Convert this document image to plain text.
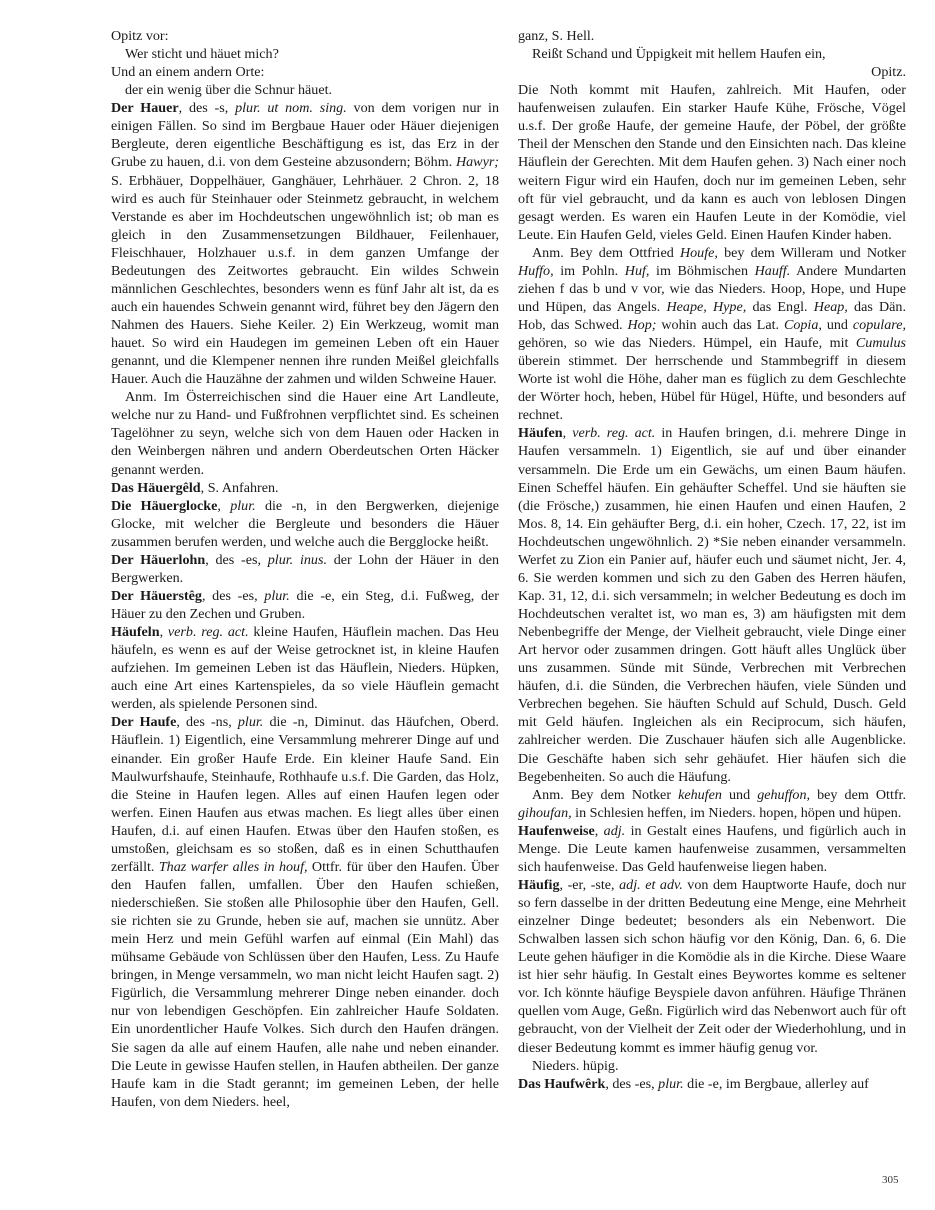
Opitz vor:

Wer sticht und häuet mich?

Und an einem andern Orte:

der ein wenig über die Schnur häuet.

Der Hauer, des -s, plur. ut nom. sing. von dem vorigen nur in einigen Fällen. So sind im Bergbaue Hauer oder Häuer diejenigen Bergleute, deren eigentliche Beschäftigung es ist, das Erz in der Grube zu hauen, d.i. von dem Gesteine abzusondern; Böhm. Hawyr; S. Erbhäuer, Doppelhäuer, Ganghäuer, Lehrhäuer. 2 Chron. 2, 18 wird es auch für Steinhauer oder Steinmetz gebraucht, in welchem Verstande es aber im Hochdeutschen ungewöhnlich ist; ob man es gleich in den Zusammensetzungen Bildhauer, Feilenhauer, Fleischhauer, Holzhauer u.s.f. in dem ganzen Umfange der Bedeutungen des Zeitwortes gebraucht. Ein wildes Schwein männlichen Geschlechtes, besonders wenn es fünf Jahr alt ist, da es auch ein hauendes Schwein genannt wird, führet bey den Jägern den Nahmen des Hauers. Siehe Keiler. 2) Ein Werkzeug, womit man hauet. So wird ein Haudegen im gemeinen Leben oft ein Hauer genannt, und die Klempener nennen ihre runden Meißel gleichfalls Hauer. Auch die Hauzähne der zahmen und wilden Schweine Hauer.

Anm. Im Österreichischen sind die Hauer eine Art Landleute, welche nur zu Hand- und Fußfrohnen verpflichtet sind. Es scheinen Tagelöhner zu seyn, welche sich von dem Hauen oder Hacken in den Weinbergen nähren und andern Oberdeutschen Orten Häcker genannt werden.

Das Häuergêld, S. Anfahren.

Die Häuerglocke, plur. die -n, in den Bergwerken, diejenige Glocke, mit welcher die Bergleute und besonders die Häuer zusammen berufen werden, und welche auch die Bergglocke heißt.

Der Häuerlohn, des -es, plur. inus. der Lohn der Häuer in den Bergwerken.

Der Häuerstêg, des -es, plur. die -e, ein Steg, d.i. Fußweg, der Häuer zu den Zechen und Gruben.

Häufeln, verb. reg. act. kleine Haufen, Häuflein machen. Das Heu häufeln, es wenn es auf der Weise getrocknet ist, in kleine Haufen aufziehen. Im gemeinen Leben ist das Häuflein, Nieders. Hüpken, auch eine Art eines Kartenspieles, da so viele Häuflein gemacht werden, als spielende Personen sind.

Der Haufe, des -ns, plur. die -n, Diminut. das Häufchen, Oberd. Häuflein. 1) Eigentlich, eine Versammlung mehrerer Dinge auf und einander. Ein großer Haufe Erde. Ein kleiner Haufe Sand. Ein Maulwurfshaufe, Steinhaufe, Rothhaufe u.s.f. Die Garden, das Holz, die Steine in Haufen legen. Alles auf einen Haufen legen oder werfen. Einen Haufen aus etwas machen. Es liegt alles über einen Haufen, d.i. auf einen Haufen. Etwas über den Haufen stoßen, es umstoßen, gleichsam es so stoßen, daß es in einen Schutthaufen zerfällt. Thaz warfer alles in houf, Ottfr. für über den Haufen. Über den Haufen fallen, umfallen. Über den Haufen schießen, niederschießen. Sie stoßen alle Philosophie über den Haufen, Gell. sie richten sie zu Grunde, heben sie auf, machen sie unnütz. Aber mein Herz und mein Gefühl warfen auf einmal (Ein Mahl) das mühsame Gebäude von Schlüssen über den Haufen, Less. Zu Haufe bringen, in Menge versammeln, wo man nicht leicht Haufen sagt. 2) Figürlich, die Versammlung mehrerer Dinge neben einander. doch nur von lebendigen Geschöpfen. Ein zahlreicher Haufe Soldaten. Ein unordentlicher Haufe Volkes. Sich durch den Haufen drängen. Sie sagen da alle auf einem Haufen, alle nahe und neben einander. Die Leute in gewisse Haufen stellen, in Haufen abtheilen. Der ganze Haufe kam in die Stadt gerannt; im gemeinen Leben, der helle Haufen, von dem Nieders. heel,

ganz, S. Hell.

Reißt Schand und Üppigkeit mit hellem Haufen ein,

Opitz.

Die Noth kommt mit Haufen, zahlreich. Mit Haufen, oder haufenweisen zulaufen. Ein starker Haufe Kühe, Frösche, Vögel u.s.f. Der große Haufe, der gemeine Haufe, der Pöbel, der größte Theil der Menschen den Stande und den Einsichten nach. Das kleine Häuflein der Gerechten. Mit dem Haufen gehen. 3) Nach einer noch weitern Figur wird ein Haufen, doch nur im gemeinen Leben, sehr oft für viel gebraucht, und da kann es auch von leblosen Dingen gesagt werden. Es waren ein Haufen Leute in der Komödie, viel Leute. Ein Haufen Geld, vieles Geld. Einen Haufen Kinder haben.

Anm. Bey dem Ottfried Houfe, bey dem Willeram und Notker Huffo, im Pohln. Huf, im Böhmischen Hauff. Andere Mundarten ziehen f das b und v vor, wie das Nieders. Hoop, Hope, und Hupe und Hüpen, das Angels. Heape, Hype, das Engl. Heap, das Dän. Hob, das Schwed. Hop; wohin auch das Lat. Copia, und copulare, gehören, so wie das Nieders. Hümpel, ein Haufe, mit Cumulus überein stimmet. Der herrschende und Stammbegriff in diesem Worte ist wohl die Höhe, daher man es füglich zu dem Geschlechte der Wörter hoch, heben, Hübel für Hügel, Hüfte, und besonders auf rechnet.

Häufen, verb. reg. act. in Haufen bringen, d.i. mehrere Dinge in Haufen versammeln. 1) Eigentlich, sie auf und über einander versammeln. Die Erde um ein Gewächs, um einen Baum häufen. Einen Scheffel häufen. Ein gehäufter Scheffel. Und sie häuften sie (die Frösche,) zusammen, hie einen Haufen und einen Haufen, 2 Mos. 8, 14. Ein gehäufter Berg, d.i. ein hoher, Czech. 17, 22, ist im Hochdeutschen ungewöhnlich. 2) *Sie neben einander versammeln. Werfet zu Zion ein Panier auf, häufer euch und säumet nicht, Jer. 4, 6. Sie werden kommen und sich zu den Gaben des Herren häufen, Kap. 31, 12, d.i. sich versammeln; in welcher Bedeutung es doch im Hochdeutschen veraltet ist, wo man es, 3) am häufigsten mit dem Nebenbegriffe der Menge, der Vielheit gebraucht, viele Dinge einer Art hervor oder zusammen dringen. Gott häuft alles Unglück über uns zusammen. Sünde mit Sünde, Verbrechen mit Verbrechen häufen, d.i. die Sünden, die Verbrechen häufen, viele Sünden und Verbrechen begehen. Sie häuften Schuld auf Schuld, Dusch. Geld mit Geld häufen. Ingleichen als ein Reciprocum, sich häufen, zahlreicher werden. Die Zuschauer häufen sich alle Augenblicke. Die Geschäfte haben sich sehr gehäufet. Hier häufen sich die Begebenheiten. So auch die Häufung.

Anm. Bey dem Notker kehufen und gehuffon, bey dem Ottfr. gihoufan, in Schlesien heffen, im Nieders. hopen, höpen und hüpen.

Haufenweise, adj. in Gestalt eines Haufens, und figürlich auch in Menge. Die Leute kamen haufenweise zusammen, versammelten sich haufenweise. Das Geld haufenweise liegen haben.

Häufig, -er, -ste, adj. et adv. von dem Hauptworte Haufe, doch nur so fern dasselbe in der dritten Bedeutung eine Menge, eine Mehrheit einzelner Dinge bedeutet; besonders als ein Nebenwort. Die Schwalben lassen sich schon häufig vor den König, Dan. 6, 6. Die Leute gehen häufiger in die Komödie als in die Kirche. Diese Waare ist hier sehr häufig. In Gestalt eines Beywortes komme es seltener vor. Ich könnte häufige Beyspiele davon anführen. Häufige Thränen quellen vom Auge, Geßn. Figürlich wird das Nebenwort auch für oft gebraucht, von der Vielheit der Zeit oder der Wiederhohlung, und in dieser Bedeutung kommt es immer häufig genug vor.

Nieders. hüpig.

Das Haufwêrk, des -es, plur. die -e, im Bergbaue, allerley auf

305
